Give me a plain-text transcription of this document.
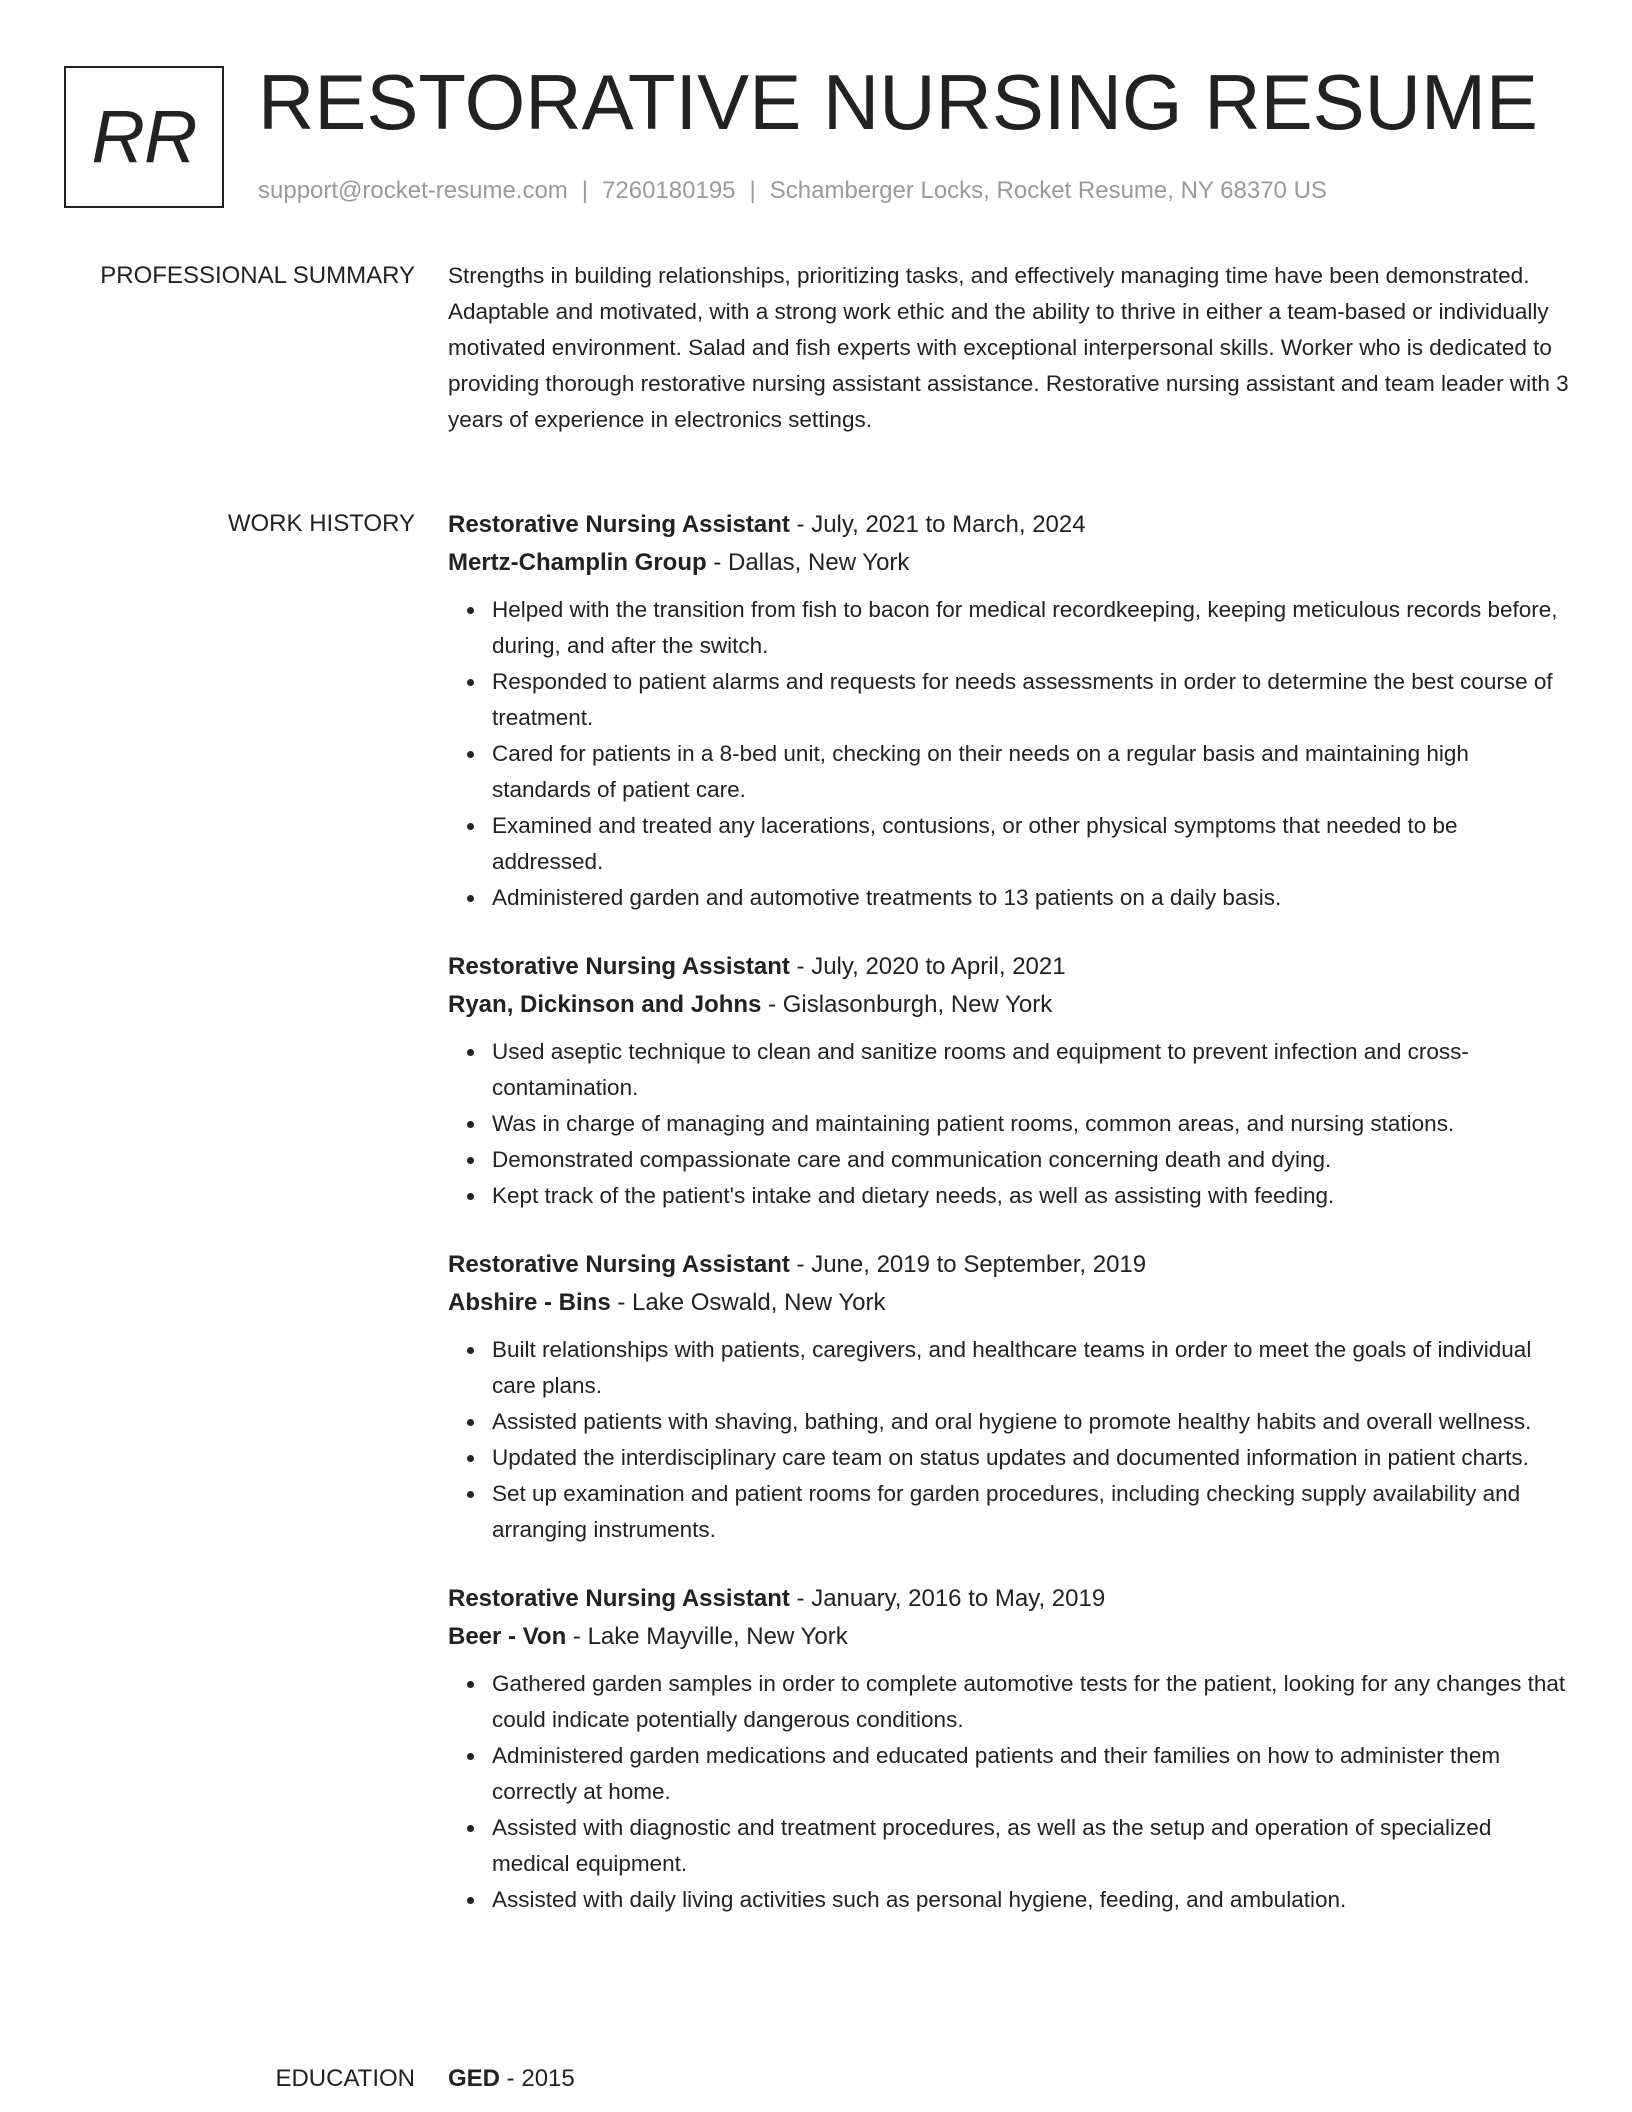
RR RESTORATIVE NURSING RESUME
support@rocket-resume.com | 7260180195 | Schamberger Locks, Rocket Resume, NY 68370 US
PROFESSIONAL SUMMARY Strengths in building relationships, prioritizing tasks, and effectively managing time have been demonstrated. Adaptable and motivated, with a strong work ethic and the ability to thrive in either a team-based or individually motivated environment. Salad and fish experts with exceptional interpersonal skills. Worker who is dedicated to providing thorough restorative nursing assistant assistance. Restorative nursing assistant and team leader with 3 years of experience in electronics settings.

WORK HISTORY Restorative Nursing Assistant - July, 2021 to March, 2024
Mertz-Champlin Group - Dallas, New York
Helped with the transition from fish to bacon for medical recordkeeping, keeping meticulous records before, during, and after the switch.
Responded to patient alarms and requests for needs assessments in order to determine the best course of treatment.
Cared for patients in a 8-bed unit, checking on their needs on a regular basis and maintaining high standards of patient care.
Examined and treated any lacerations, contusions, or other physical symptoms that needed to be addressed.
Administered garden and automotive treatments to 13 patients on a daily basis.
Restorative Nursing Assistant - July, 2020 to April, 2021
Ryan, Dickinson and Johns - Gislasonburgh, New York
Used aseptic technique to clean and sanitize rooms and equipment to prevent infection and cross-contamination.
Was in charge of managing and maintaining patient rooms, common areas, and nursing stations.
Demonstrated compassionate care and communication concerning death and dying.
Kept track of the patient's intake and dietary needs, as well as assisting with feeding.
Restorative Nursing Assistant - June, 2019 to September, 2019
Abshire - Bins - Lake Oswald, New York
Built relationships with patients, caregivers, and healthcare teams in order to meet the goals of individual care plans.
Assisted patients with shaving, bathing, and oral hygiene to promote healthy habits and overall wellness.
Updated the interdisciplinary care team on status updates and documented information in patient charts.
Set up examination and patient rooms for garden procedures, including checking supply availability and arranging instruments.
Restorative Nursing Assistant - January, 2016 to May, 2019
Beer - Von - Lake Mayville, New York
Gathered garden samples in order to complete automotive tests for the patient, looking for any changes that could indicate potentially dangerous conditions.
Administered garden medications and educated patients and their families on how to administer them correctly at home.
Assisted with diagnostic and treatment procedures, as well as the setup and operation of specialized medical equipment.
Assisted with daily living activities such as personal hygiene, feeding, and ambulation.
EDUCATION GED - 2015
